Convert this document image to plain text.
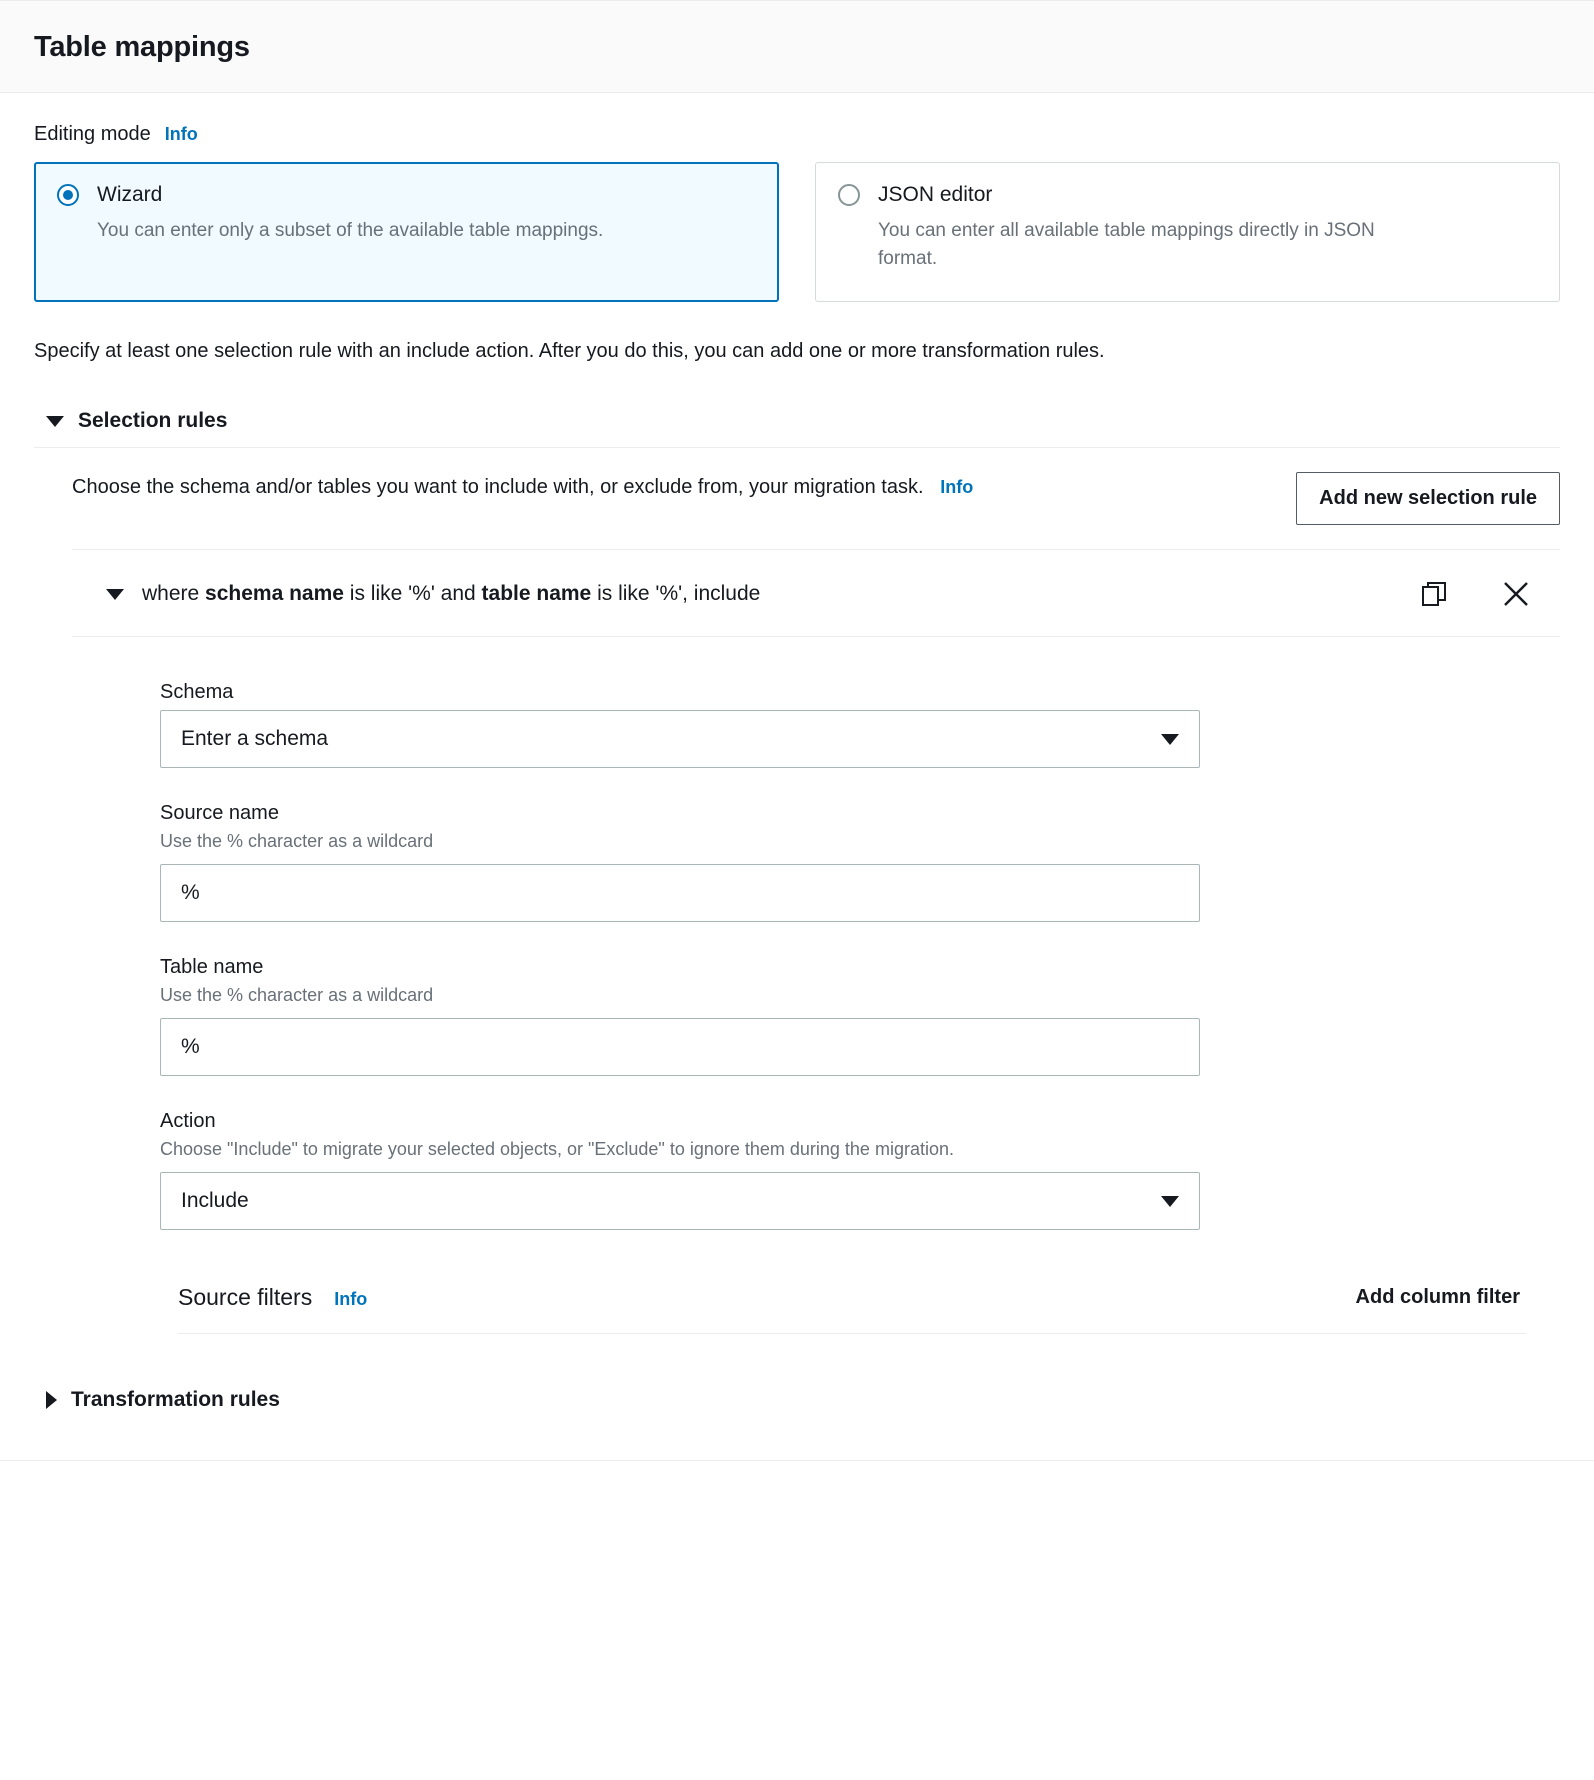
Table mappings
Editing mode Info
Wizard
You can enter only a subset of the available table mappings.
JSON editor
You can enter all available table mappings directly in JSON format.
Specify at least one selection rule with an include action. After you do this, you can add one or more transformation rules.
Selection rules
Choose the schema and/or tables you want to include with, or exclude from, your migration task. Info	Add new selection rule
where schema name is like '%' and table name is like '%', include
Schema
Enter a schema
Source name
Use the % character as a wildcard
%
Table name
Use the % character as a wildcard
%
Action
Choose "Include" to migrate your selected objects, or "Exclude" to ignore them during the migration.
Include
Source filters Info	Add column filter
Transformation rules
